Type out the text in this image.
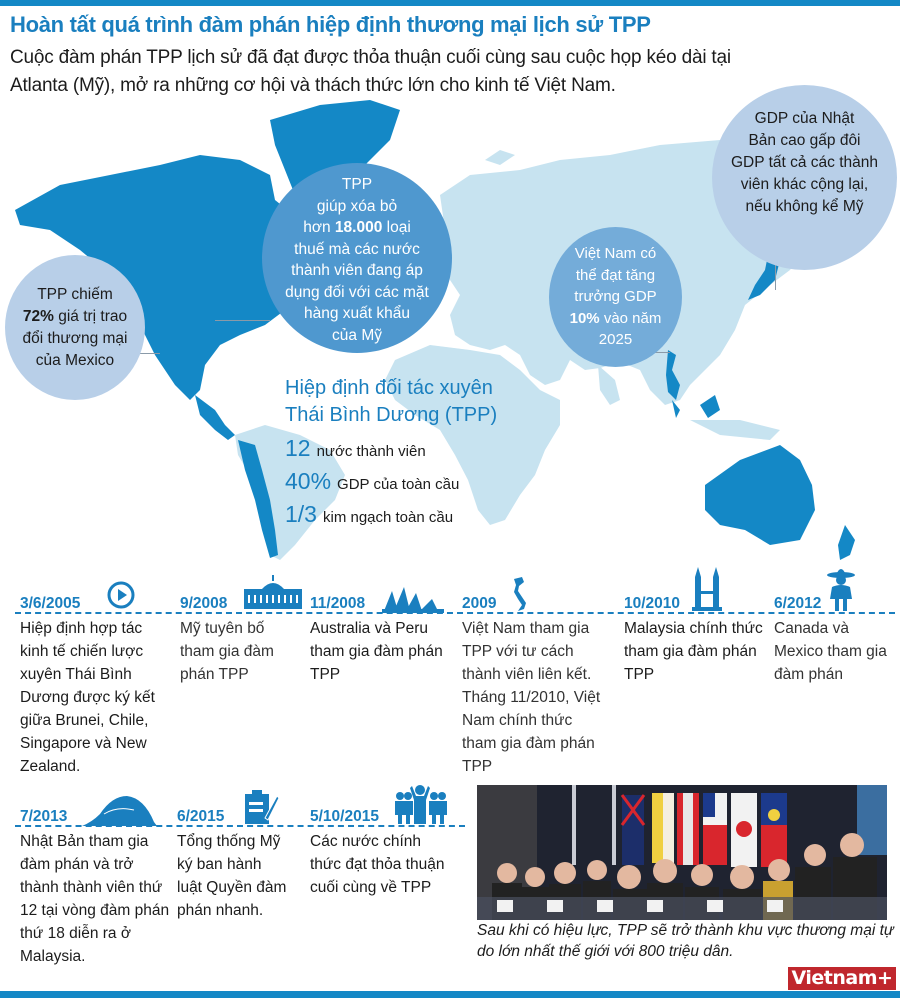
Hoàn tất quá trình đàm phán hiệp định thương mại lịch sử TPP

Cuộc đàm phán TPP lịch sử đã đạt được thỏa thuận cuối cùng sau cuộc họp kéo dài tại Atlanta (Mỹ), mở ra những cơ hội và thách thức lớn cho kinh tế Việt Nam.

TPP
giúp xóa bỏ
hơn 18.000 loại
thuế mà các nước
thành viên đang áp
dụng đối với các mặt
hàng xuất khẩu
của Mỹ
GDP của Nhật
Bản cao gấp đôi
GDP tất cả các thành
viên khác cộng lại,
nếu không kể Mỹ
TPP chiếm
72% giá trị trao
đổi thương mại
của Mexico
Việt Nam có
thể đạt tăng
trưởng GDP
10% vào năm
2025
Hiệp định đối tác xuyên
Thái Bình Dương (TPP)
12 nước thành viên
40% GDP của toàn cầu
1/3 kim ngạch toàn cầu
3/6/2005
Hiệp định hợp tác kinh tế chiến lược xuyên Thái Bình Dương được ký kết giữa Brunei, Chile, Singapore và New Zealand.
9/2008
Mỹ tuyên bố tham gia đàm phán TPP
11/2008
Australia và Peru tham gia đàm phán TPP
2009
Việt Nam tham gia TPP với tư cách thành viên liên kết. Tháng 11/2010, Việt Nam chính thức tham gia đàm phán TPP
10/2010
Malaysia chính thức tham gia đàm phán TPP
6/2012
Canada và Mexico tham gia đàm phán
7/2013
Nhật Bản tham gia đàm phán và trở thành thành viên thứ 12 tại vòng đàm phán thứ 18 diễn ra ở Malaysia.
6/2015
Tổng thống Mỹ ký ban hành luật Quyền đàm phán nhanh.
5/10/2015
Các nước chính thức đạt thỏa thuận cuối cùng về TPP
Sau khi có hiệu lực, TPP sẽ trở thành khu vực thương mại tự do lớn nhất thế giới với 800 triệu dân.
Vietnam+
